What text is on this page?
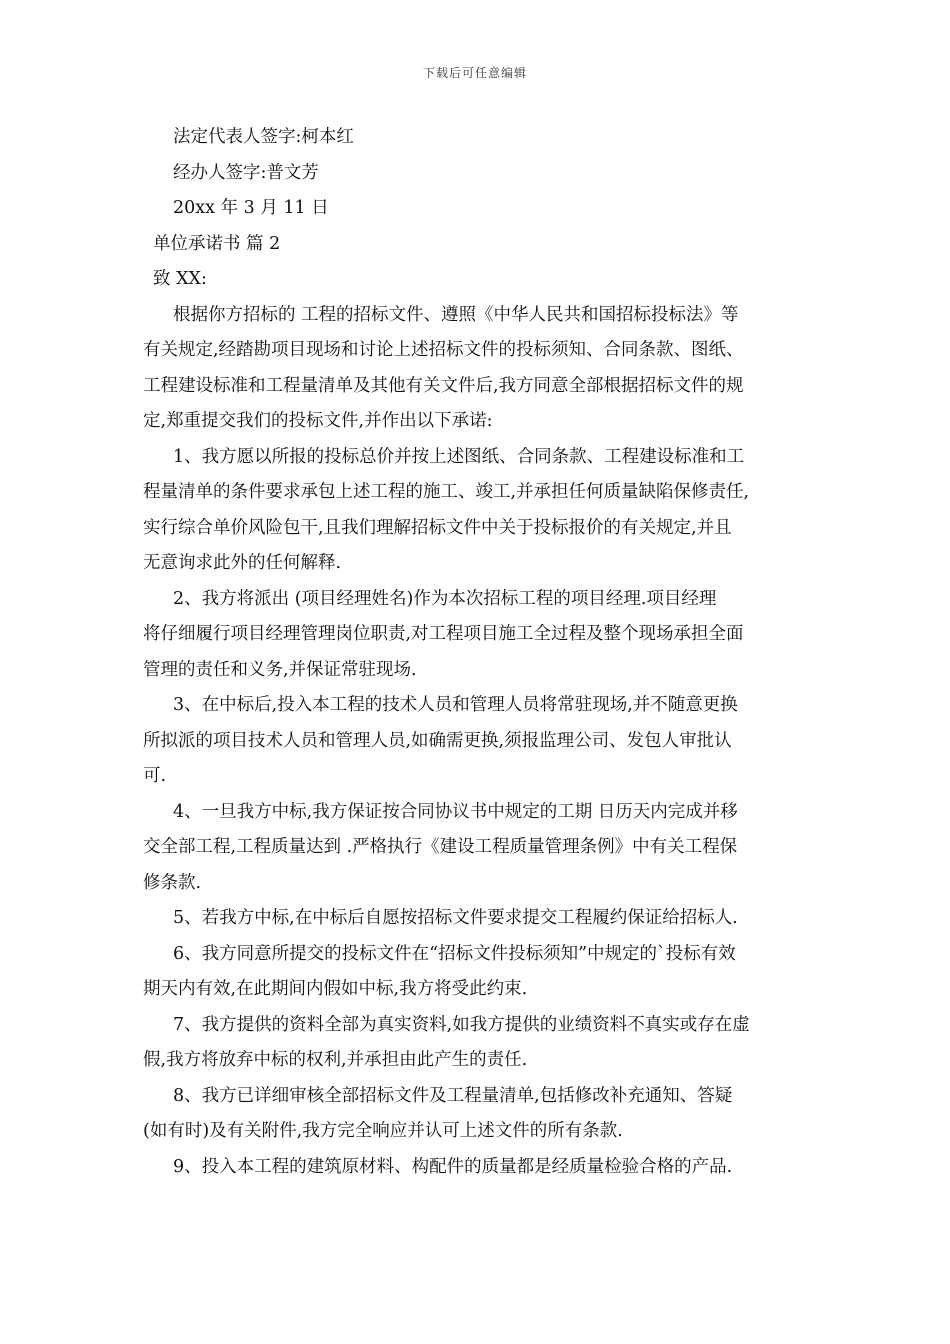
下载后可任意编辑
法定代表人签字:柯本红
经办人签字:普文芳
20xx 年 3 月 11 日
单位承诺书 篇 2
致 XX:
根据你方招标的 工程的招标文件、遵照《中华人民共和国招标投标法》等
有关规定,经踏勘项目现场和讨论上述招标文件的投标须知、合同条款、图纸、
工程建设标准和工程量清单及其他有关文件后,我方同意全部根据招标文件的规
定,郑重提交我们的投标文件,并作出以下承诺:
1、我方愿以所报的投标总价并按上述图纸、合同条款、工程建设标准和工
程量清单的条件要求承包上述工程的施工、竣工,并承担任何质量缺陷保修责任,
实行综合单价风险包干,且我们理解招标文件中关于投标报价的有关规定,并且
无意询求此外的任何解释.
2、我方将派出 (项目经理姓名)作为本次招标工程的项目经理.项目经理
将仔细履行项目经理管理岗位职责,对工程项目施工全过程及整个现场承担全面
管理的责任和义务,并保证常驻现场.
3、在中标后,投入本工程的技术人员和管理人员将常驻现场,并不随意更换
所拟派的项目技术人员和管理人员,如确需更换,须报监理公司、发包人审批认
可.
4、一旦我方中标,我方保证按合同协议书中规定的工期 日历天内完成并移
交全部工程,工程质量达到 .严格执行《建设工程质量管理条例》中有关工程保
修条款.
5、若我方中标,在中标后自愿按招标文件要求提交工程履约保证给招标人.
6、我方同意所提交的投标文件在“招标文件投标须知”中规定的`投标有效
期天内有效,在此期间内假如中标,我方将受此约束.
7、我方提供的资料全部为真实资料,如我方提供的业绩资料不真实或存在虚
假,我方将放弃中标的权利,并承担由此产生的责任.
8、我方已详细审核全部招标文件及工程量清单,包括修改补充通知、答疑
(如有时)及有关附件,我方完全响应并认可上述文件的所有条款.
9、投入本工程的建筑原材料、构配件的质量都是经质量检验合格的产品.
